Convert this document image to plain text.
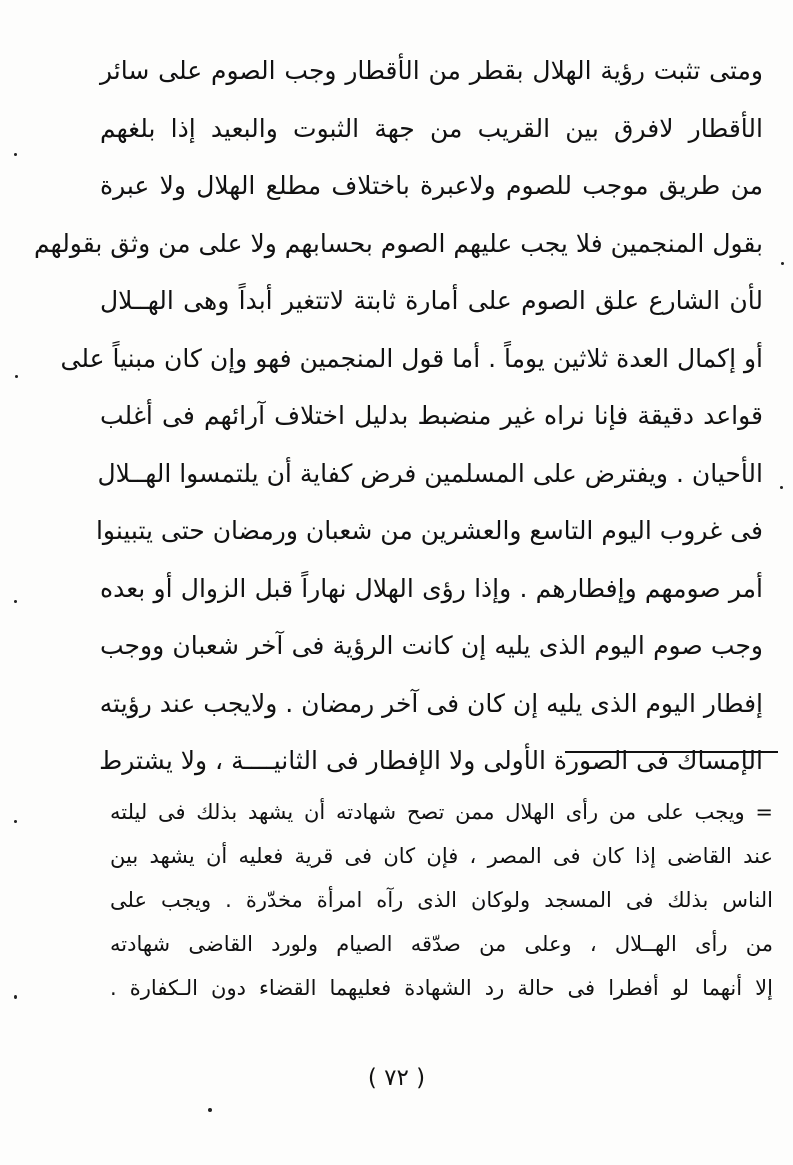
ومتى تثبت رؤية الهلال بقطر من الأقطار وجب الصوم على سائر
الأقطار لافرق بين القريب من جهة الثبوت والبعيد إذا بلغهم
من طريق موجب للصوم ولاعبرة باختلاف مطلع الهلال ولا عبرة
بقول المنجمين فلا يجب عليهم الصوم بحسابهم ولا على من وثق بقولهم
لأن الشارع علق الصوم على أمارة ثابتة لاتتغير أبداً وهى الهــلال
أو إكمال العدة ثلاثين يوماً . أما قول المنجمين فهو وإن كان مبنياً على
قواعد دقيقة فإنا نراه غير منضبط بدليل اختلاف آرائهم فى أغلب
الأحيان . ويفترض على المسلمين فرض كفاية أن يلتمسوا الهــلال
فى غروب اليوم التاسع والعشرين من شعبان ورمضان حتى يتبينوا
أمر صومهم وإفطارهم . وإذا رؤى الهلال نهاراً قبل الزوال أو بعده
وجب صوم اليوم الذى يليه إن كانت الرؤية فى آخر شعبان ووجب
إفطار اليوم الذى يليه إن كان فى آخر رمضان . ولايجب عند رؤيته
الإمساك فى الصورة الأولى ولا الإفطار فى الثانيــــة ، ولا يشترط
= ويجب على من رأى الهلال ممن تصح شهادته أن يشهد بذلك فى ليلته
عند القاضى إذا كان فى المصر ، فإن كان فى قرية فعليه أن يشهد بين
الناس بذلك فى المسجد ولوكان الذى رآه امرأة مخدّرة . ويجب على
من رأى الهــلال ، وعلى من صدّقه الصيام ولورد القاضى شهادته
إلا أنهما لو أفطرا فى حالة رد الشهادة فعليهما القضاء دون الـكفارة .
( ٧٢ )
